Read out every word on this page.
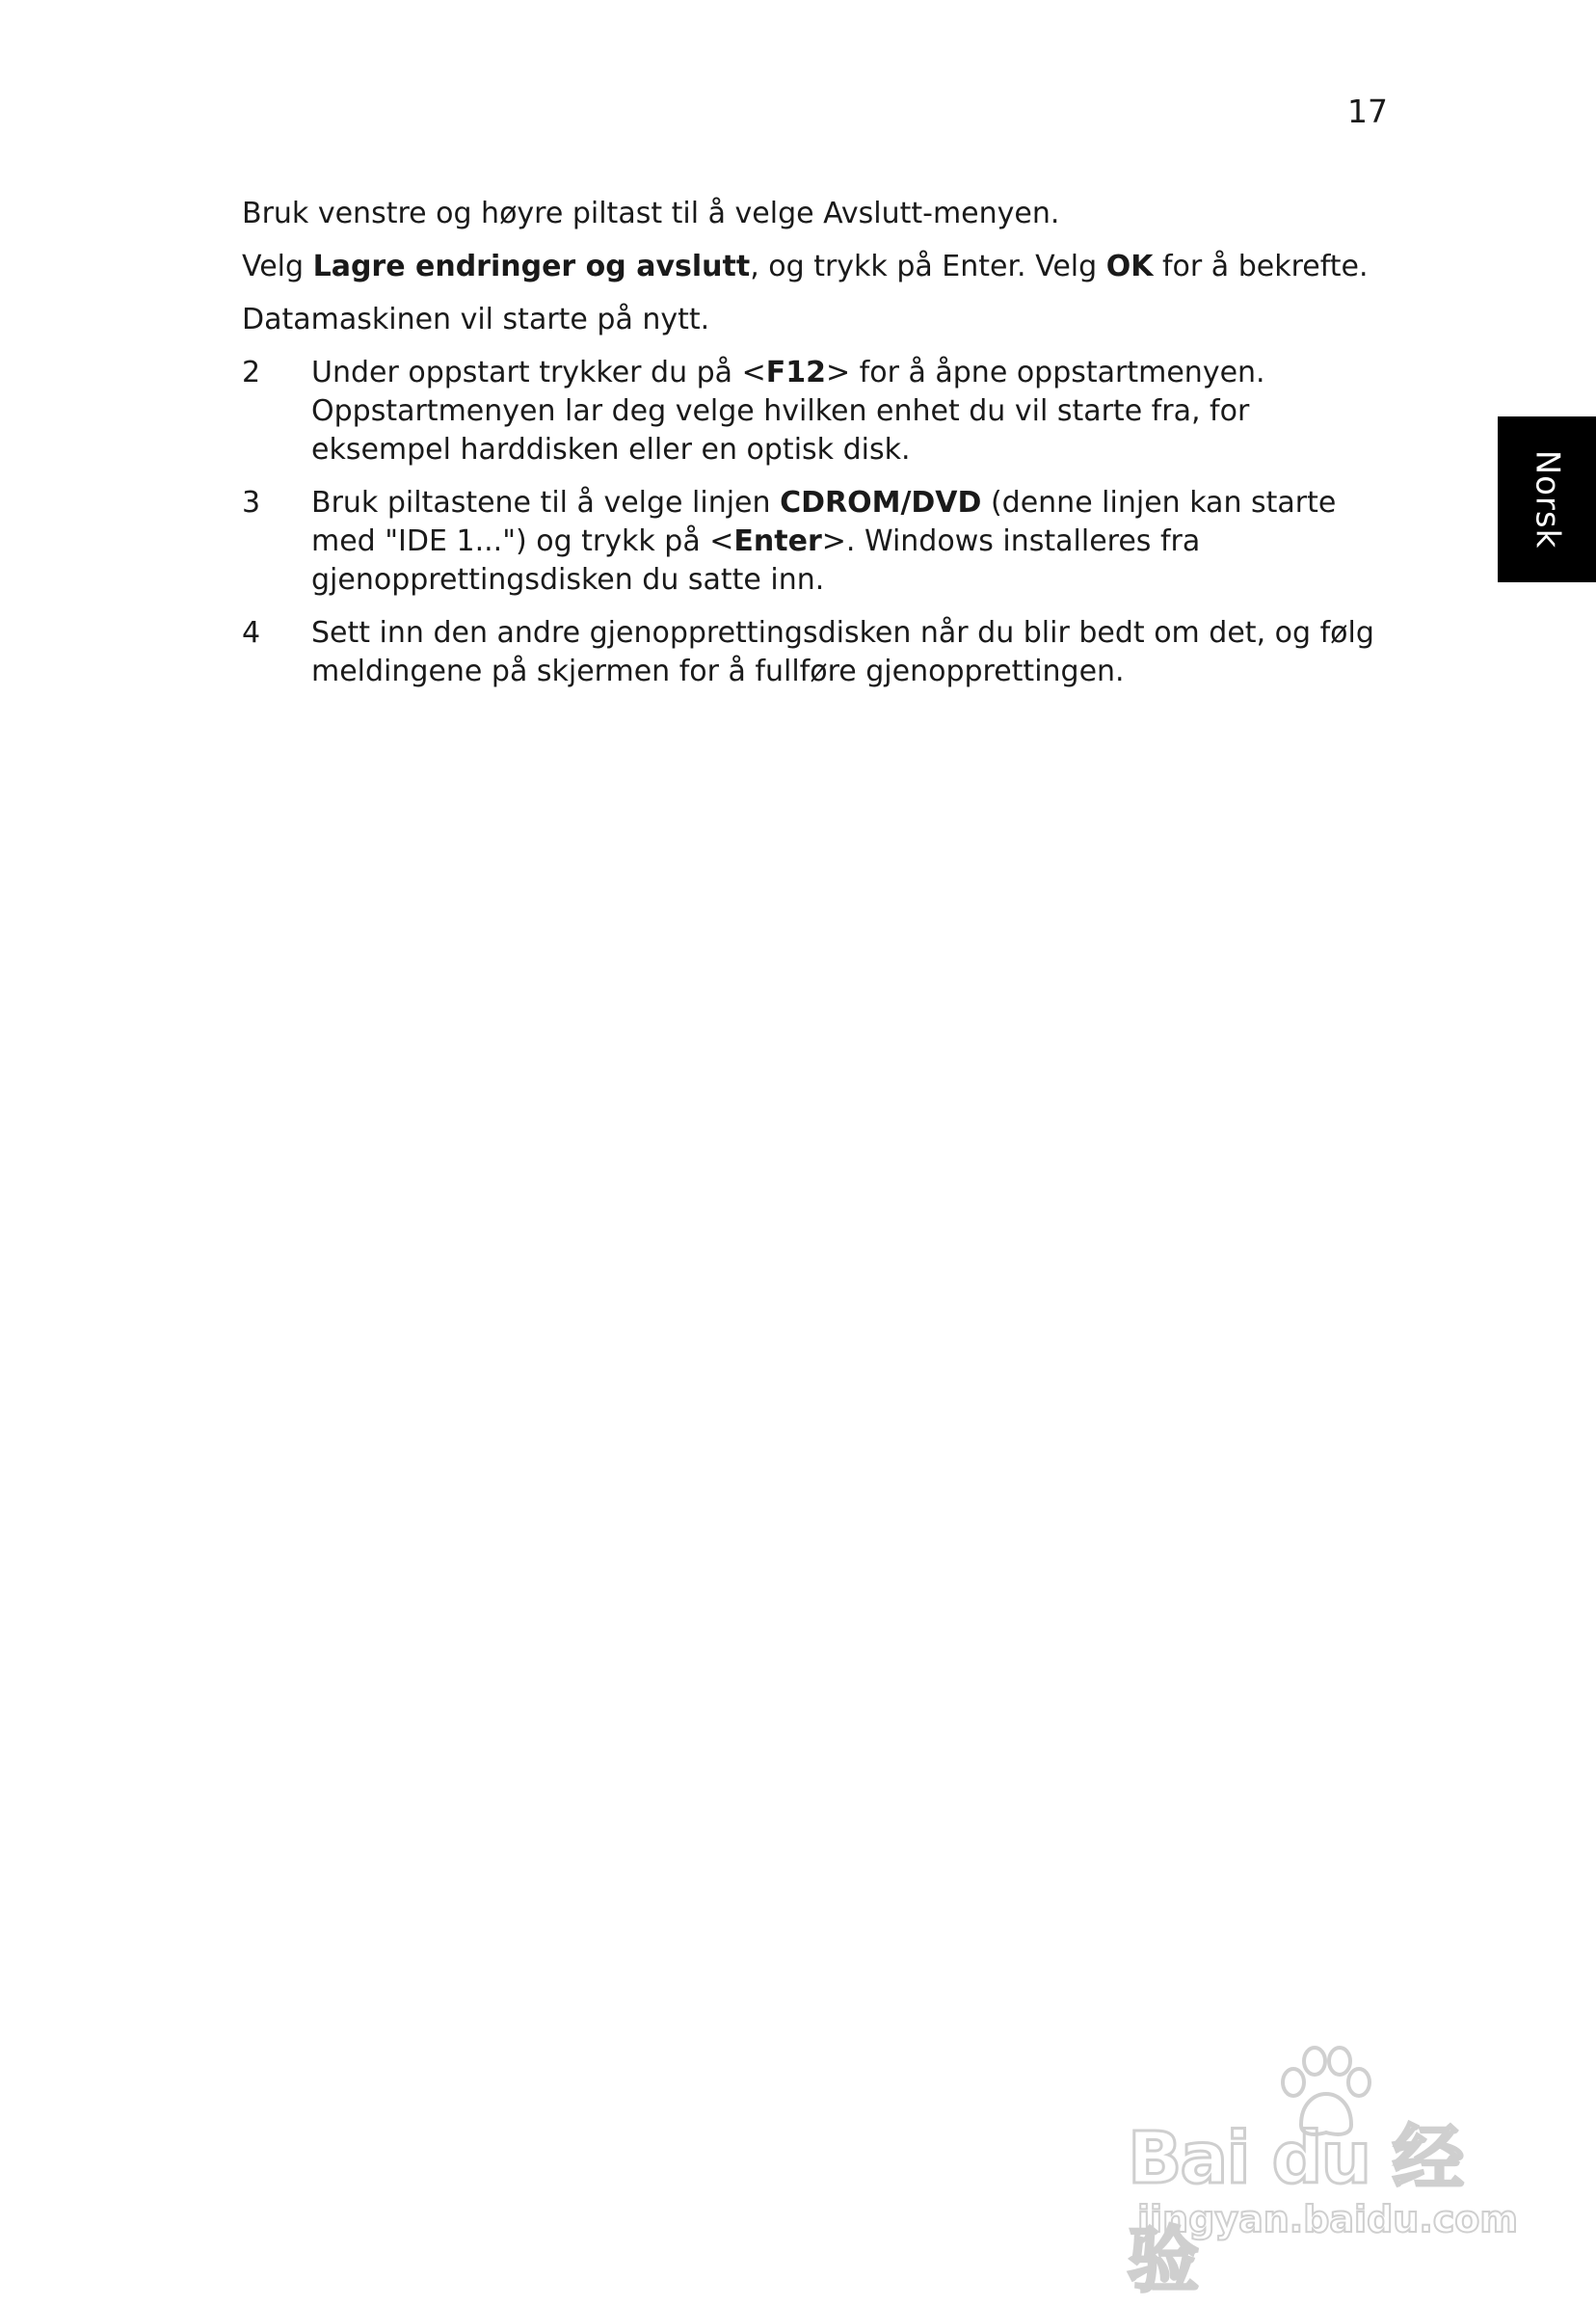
17

Bruk venstre og høyre piltast til å velge Avslutt-menyen.

Velg Lagre endringer og avslutt, og trykk på Enter. Velg OK for å bekrefte.

Datamaskinen vil starte på nytt.

2	Under oppstart trykker du på <F12> for å åpne oppstartmenyen. Oppstartmenyen lar deg velge hvilken enhet du vil starte fra, for eksempel harddisken eller en optisk disk.
3	Bruk piltastene til å velge linjen CDROM/DVD (denne linjen kan starte med "IDE 1...") og trykk på <Enter>. Windows installeres fra gjenopprettingsdisken du satte inn.
4	Sett inn den andre gjenopprettingsdisken når du blir bedt om det, og følg meldingene på skjermen for å fullføre gjenopprettingen.
Norsk
Bai du 经验
jingyan.baidu.com
